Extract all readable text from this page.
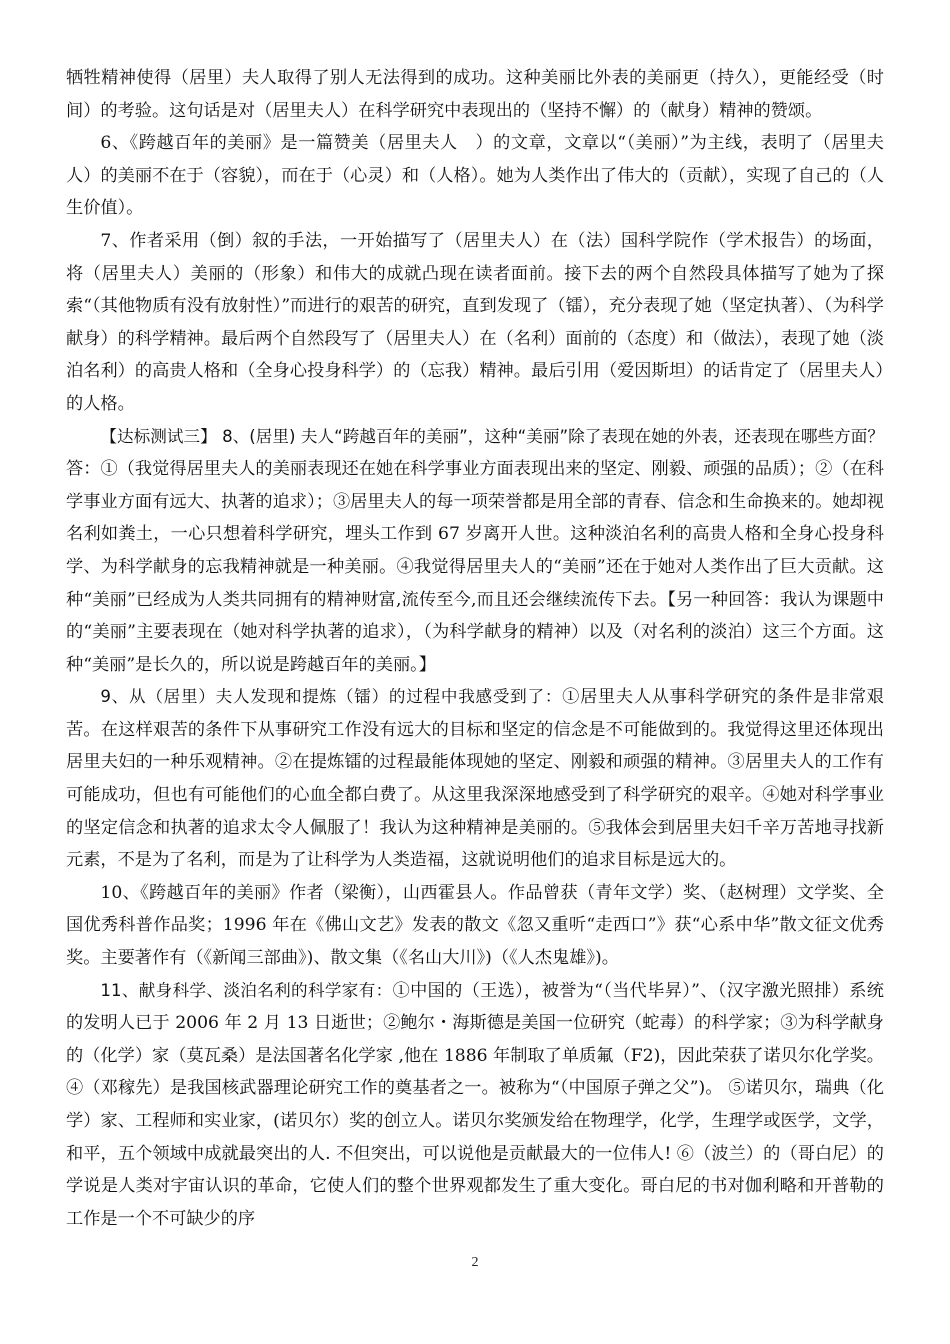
牺牲精神使得（居里）夫人取得了别人无法得到的成功。这种美丽比外表的美丽更（持久），更能经受（时间）的考验。这句话是对（居里夫人）在科学研究中表现出的（坚持不懈）的（献身）精神的赞颂。

6、《跨越百年的美丽》是一篇赞美（居里夫人　）的文章，文章以“（美丽）”为主线，表明了（居里夫人）的美丽不在于（容貌），而在于（心灵）和（人格）。她为人类作出了伟大的（贡献），实现了自己的（人生价值）。

7、作者采用（倒）叙的手法，一开始描写了（居里夫人）在（法）国科学院作（学术报告）的场面，将（居里夫人）美丽的（形象）和伟大的成就凸现在读者面前。接下去的两个自然段具体描写了她为了探索“（其他物质有没有放射性）”而进行的艰苦的研究，直到发现了（镭），充分表现了她（坚定执著）、（为科学献身）的科学精神。最后两个自然段写了（居里夫人）在（名利）面前的（态度）和（做法），表现了她（淡泊名利）的高贵人格和（全身心投身科学）的（忘我）精神。最后引用（爱因斯坦）的话肯定了（居里夫人）的人格。

【达标测试三】 8、(居里) 夫人“跨越百年的美丽”，这种“美丽”除了表现在她的外表，还表现在哪些方面？答：①（我觉得居里夫人的美丽表现还在她在科学事业方面表现出来的坚定、刚毅、顽强的品质）；②（在科学事业方面有远大、执著的追求）；③居里夫人的每一项荣誉都是用全部的青春、信念和生命换来的。她却视名利如粪土，一心只想着科学研究，埋头工作到 67 岁离开人世。这种淡泊名利的高贵人格和全身心投身科学、为科学献身的忘我精神就是一种美丽。④我觉得居里夫人的“美丽”还在于她对人类作出了巨大贡献。这种“美丽”已经成为人类共同拥有的精神财富,流传至今,而且还会继续流传下去。【另一种回答：我认为课题中的“美丽”主要表现在（她对科学执著的追求），（为科学献身的精神）以及（对名利的淡泊）这三个方面。这种“美丽”是长久的，所以说是跨越百年的美丽。】

9、从（居里）夫人发现和提炼（镭）的过程中我感受到了：①居里夫人从事科学研究的条件是非常艰苦。在这样艰苦的条件下从事研究工作没有远大的目标和坚定的信念是不可能做到的。我觉得这里还体现出居里夫妇的一种乐观精神。②在提炼镭的过程最能体现她的坚定、刚毅和顽强的精神。③居里夫人的工作有可能成功，但也有可能他们的心血全都白费了。从这里我深深地感受到了科学研究的艰辛。④她对科学事业的坚定信念和执著的追求太令人佩服了！我认为这种精神是美丽的。⑤我体会到居里夫妇千辛万苦地寻找新元素，不是为了名利，而是为了让科学为人类造福，这就说明他们的追求目标是远大的。

10、《跨越百年的美丽》作者（梁衡），山西霍县人。作品曾获（青年文学）奖、（赵树理）文学奖、全国优秀科普作品奖；1996 年在《佛山文艺》发表的散文《忽又重听“走西口”》获“心系中华”散文征文优秀奖。主要著作有（《新闻三部曲》)、散文集（《名山大川》)（《人杰鬼雄》)。

11、献身科学、淡泊名利的科学家有：①中国的（王选），被誉为“（当代毕昇）”、（汉字激光照排）系统的发明人已于 2006 年 2 月 13 日逝世；②鲍尔・海斯德是美国一位研究（蛇毒）的科学家；③为科学献身的（化学）家（莫瓦桑）是法国著名化学家 ,他在 1886 年制取了单质氟（F2)，因此荣获了诺贝尔化学奖。④（邓稼先）是我国核武器理论研究工作的奠基者之一。被称为“（中国原子弹之父”)。 ⑤诺贝尔，瑞典（化学）家、工程师和实业家，(诺贝尔）奖的创立人。诺贝尔奖颁发给在物理学，化学，生理学或医学，文学，和平，五个领域中成就最突出的人. 不但突出，可以说他是贡献最大的一位伟人! ⑥（波兰）的（哥白尼）的学说是人类对宇宙认识的革命，它使人们的整个世界观都发生了重大变化。哥白尼的书对伽利略和开普勒的工作是一个不可缺少的序

2
